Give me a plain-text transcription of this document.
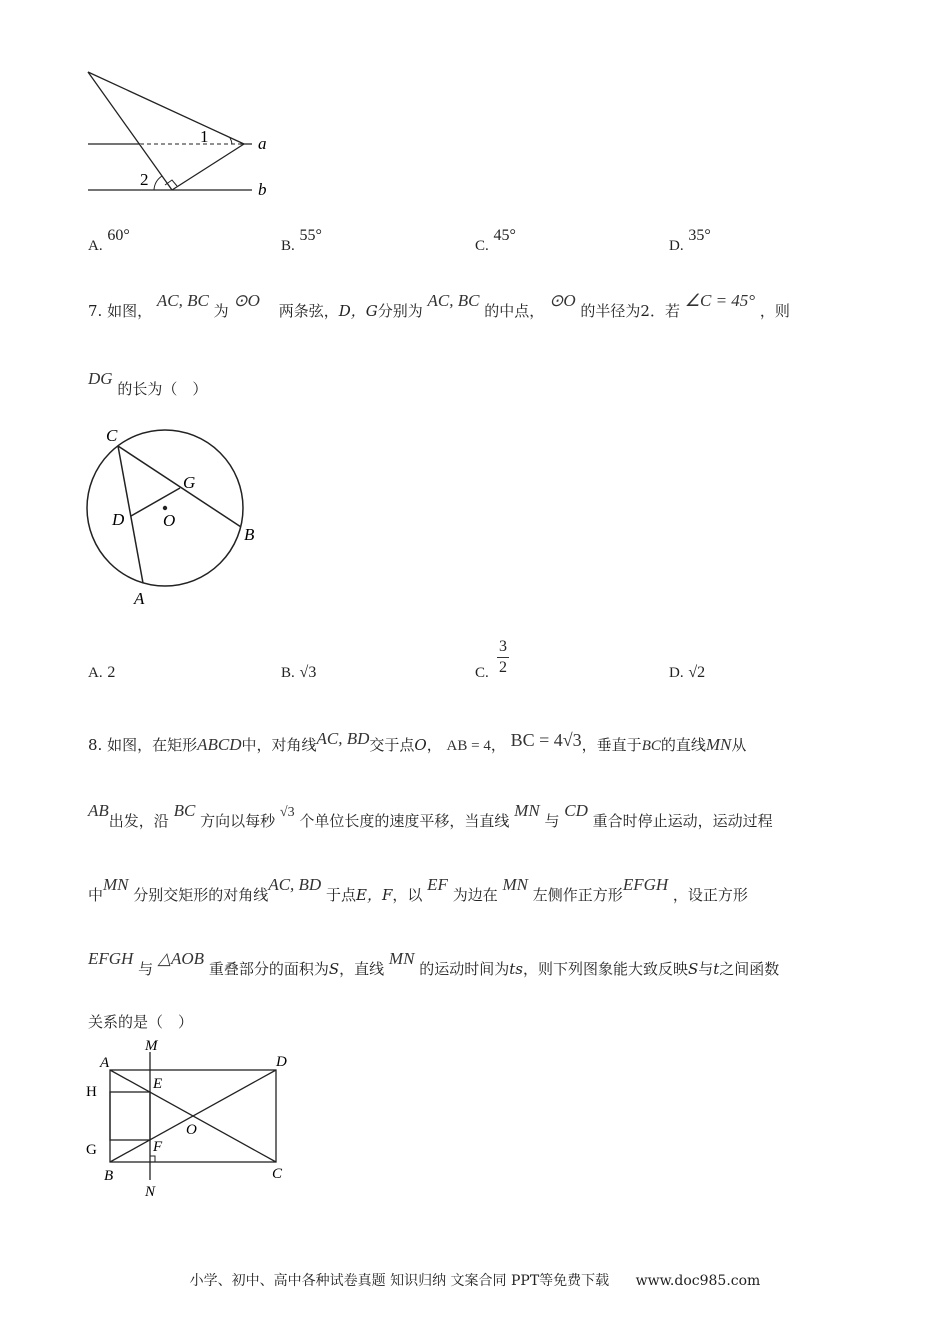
1
2
a
b
A. 60°
B. 55°
C. 45°
D. 35°
7. 如图， AC, BC 为 ⊙O 两条弦，D，G分别为 AC, BC 的中点， ⊙O 的半径为2．若 ∠C = 45° ，则
DG 的长为（　）
C
G
D O
B
A
A. 2	B. √3	C.
3
2	D. √2
8. 如图，在矩形ABCD中，对角线AC, BD交于点O， AB = 4， BC = 4√3，垂直于BC的直线MN从
AB出发，沿 BC 方向以每秒 √3 个单位长度的速度平移，当直线 MN 与 CD 重合时停止运动，运动过程
中MN 分别交矩形的对角线AC, BD 于点E，F，以 EF 为边在 MN 左侧作正方形EFGH ，设正方形
EFGH 与 △AOB 重叠部分的面积为S，直线 MN 的运动时间为ts，则下列图象能大致反映S与t之间函数
关系的是（　）
A
M
D
H	E
O
G	F
B
N
C
小学、初中、高中各种试卷真题 知识归纳 文案合同 PPT等免费下载 www.doc985.com
